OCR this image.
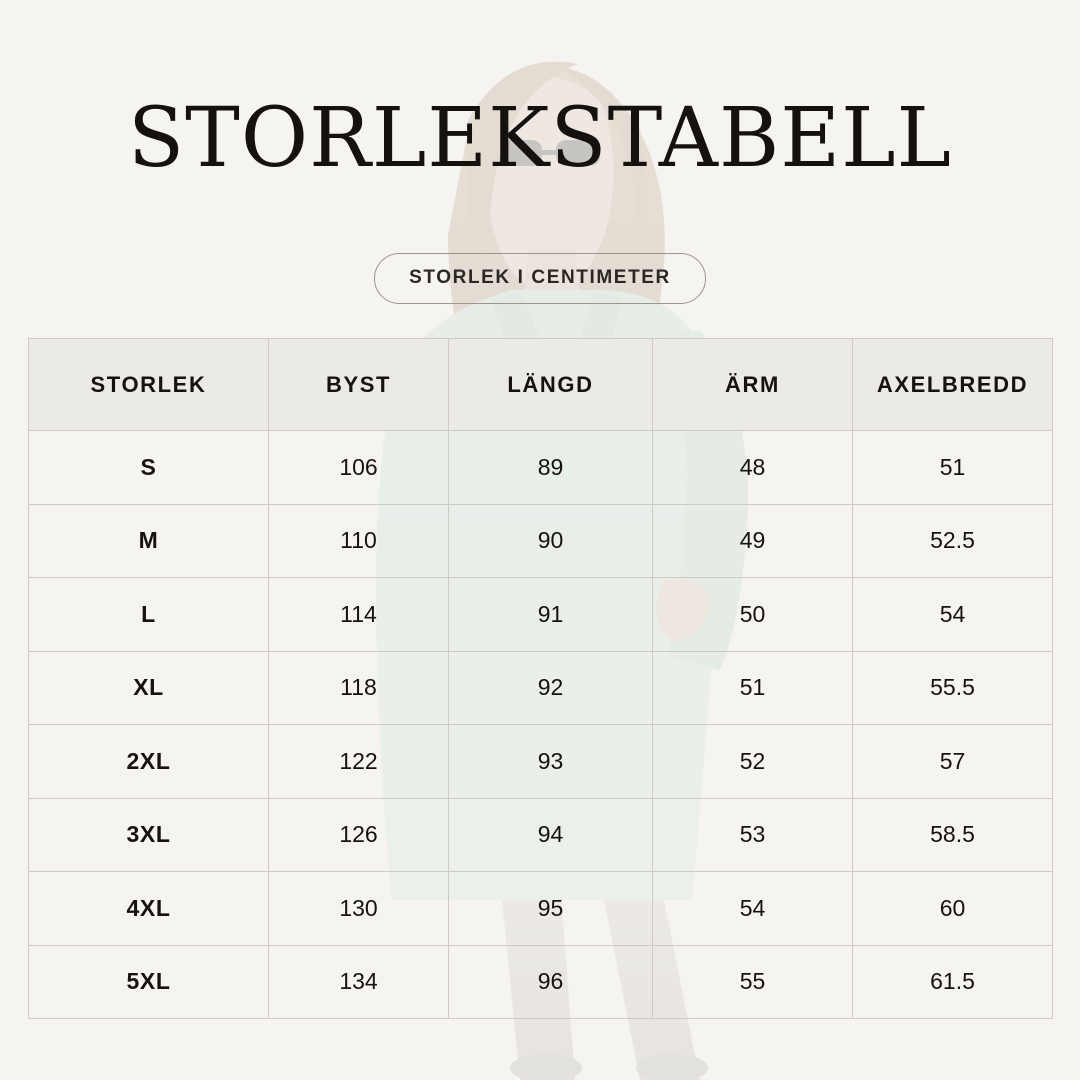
STORLEKSTABELL
STORLEK I CENTIMETER
STORLEK	BYST	LÄNGD	ÄRM	AXELBREDD
S	106	89	48	51
M	110	90	49	52.5
L	114	91	50	54
XL	118	92	51	55.5
2XL	122	93	52	57
3XL	126	94	53	58.5
4XL	130	95	54	60
5XL	134	96	55	61.5
